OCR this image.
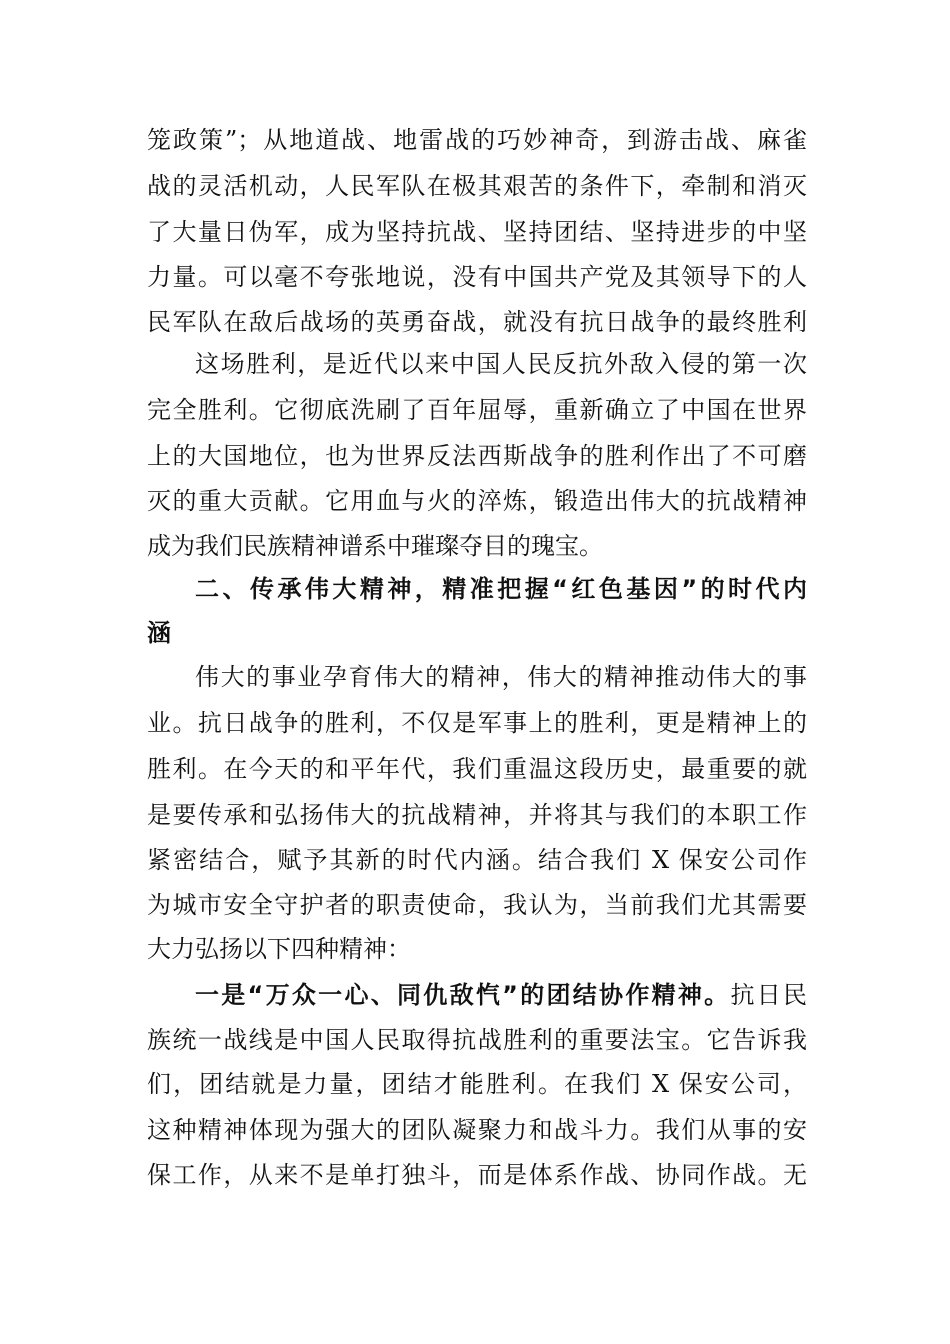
笼政策”；从地道战、地雷战的巧妙神奇，到游击战、麻雀
战的灵活机动，人民军队在极其艰苦的条件下，牵制和消灭
了大量日伪军，成为坚持抗战、坚持团结、坚持进步的中坚
力量。可以毫不夸张地说，没有中国共产党及其领导下的人
民军队在敌后战场的英勇奋战，就没有抗日战争的最终胜利
这场胜利，是近代以来中国人民反抗外敌入侵的第一次
完全胜利。它彻底洗刷了百年屈辱，重新确立了中国在世界
上的大国地位，也为世界反法西斯战争的胜利作出了不可磨
灭的重大贡献。它用血与火的淬炼，锻造出伟大的抗战精神
成为我们民族精神谱系中璀璨夺目的瑰宝。
二、传承伟大精神，精准把握“红色基因”的时代内
涵
伟大的事业孕育伟大的精神，伟大的精神推动伟大的事
业。抗日战争的胜利，不仅是军事上的胜利，更是精神上的
胜利。在今天的和平年代，我们重温这段历史，最重要的就
是要传承和弘扬伟大的抗战精神，并将其与我们的本职工作
紧密结合，赋予其新的时代内涵。结合我们 X 保安公司作
为城市安全守护者的职责使命，我认为，当前我们尤其需要
大力弘扬以下四种精神：
一是“万众一心、同仇敌忾”的团结协作精神。抗日民
族统一战线是中国人民取得抗战胜利的重要法宝。它告诉我
们，团结就是力量，团结才能胜利。在我们 X 保安公司，
这种精神体现为强大的团队凝聚力和战斗力。我们从事的安
保工作，从来不是单打独斗，而是体系作战、协同作战。无
